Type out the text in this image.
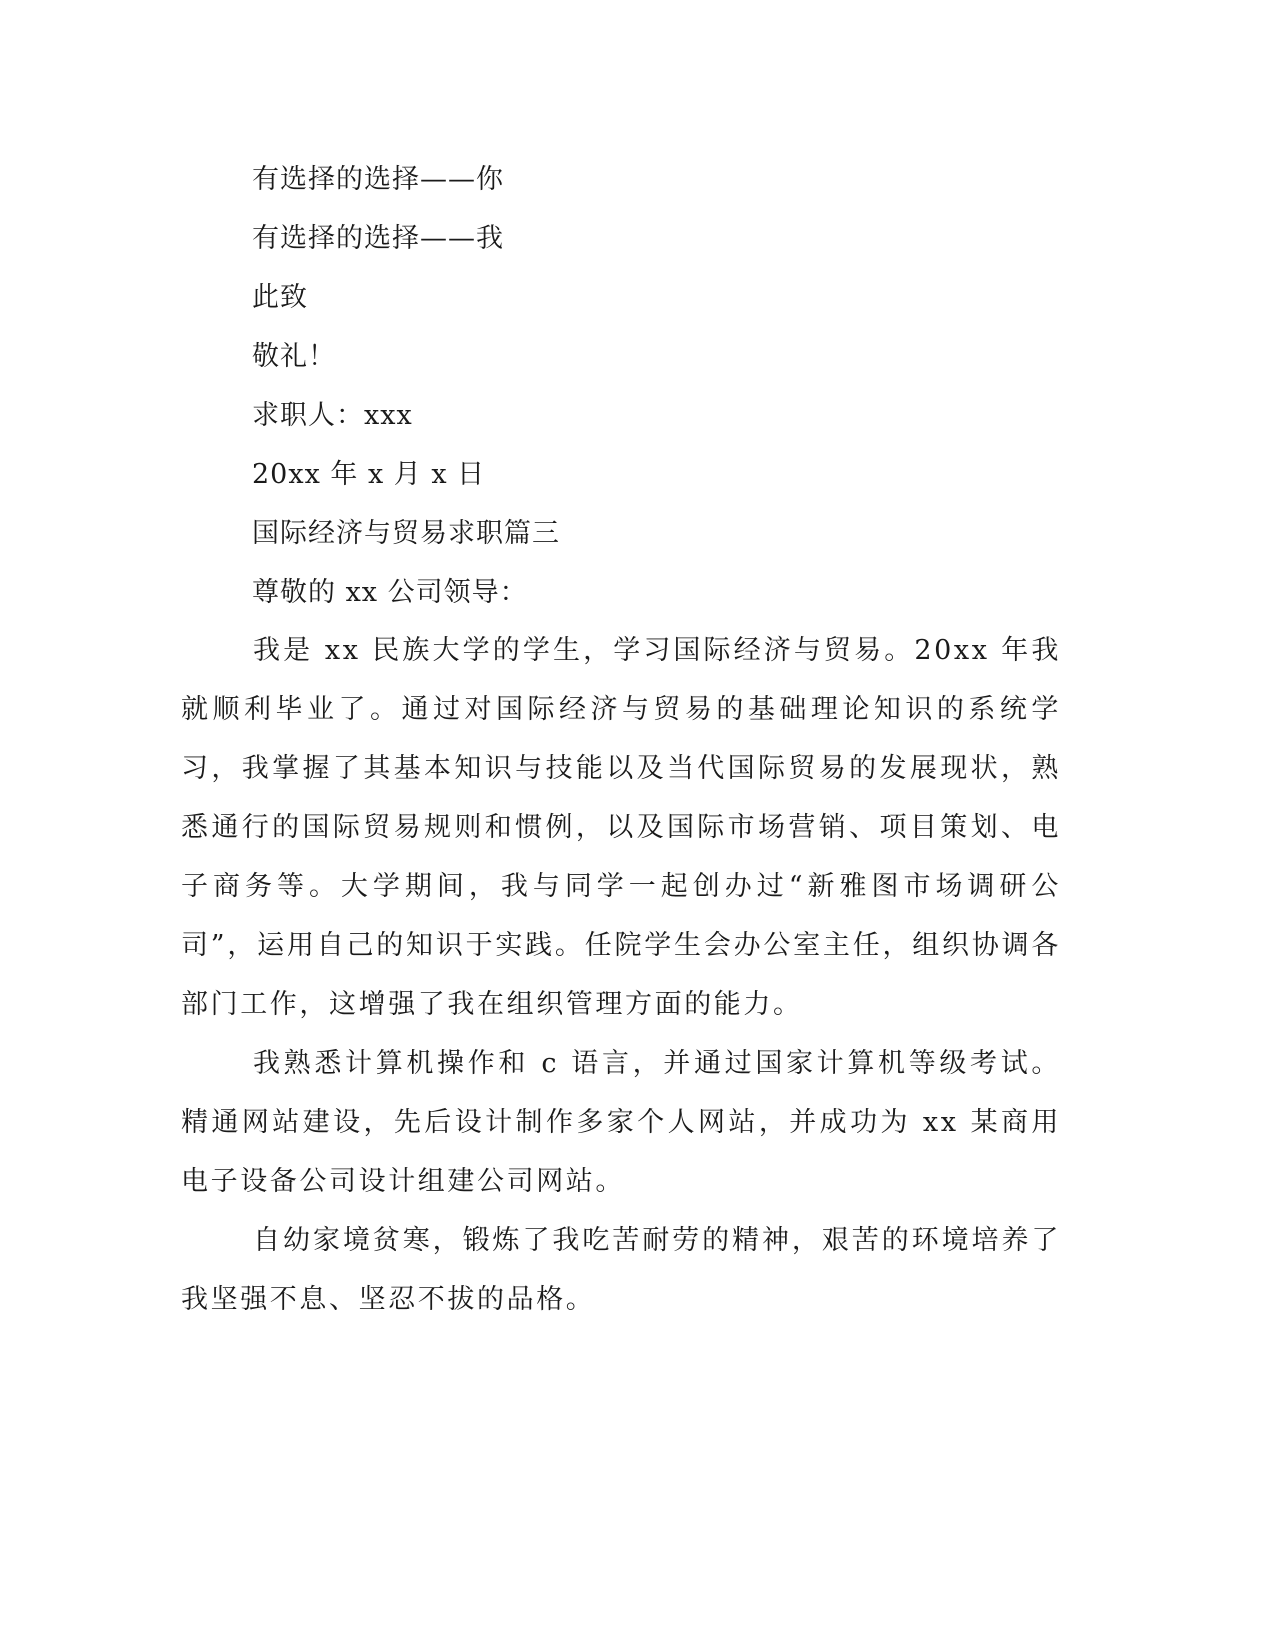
有选择的选择——你
有选择的选择——我
此致
敬礼！
求职人：xxx
20xx 年 x 月 x 日
国际经济与贸易求职篇三
尊敬的 xx 公司领导：
我是 xx 民族大学的学生，学习国际经济与贸易。20xx 年我就顺利毕业了。通过对国际经济与贸易的基础理论知识的系统学习，我掌握了其基本知识与技能以及当代国际贸易的发展现状，熟悉通行的国际贸易规则和惯例，以及国际市场营销、项目策划、电子商务等。大学期间，我与同学一起创办过“新雅图市场调研公司”，运用自己的知识于实践。任院学生会办公室主任，组织协调各部门工作，这增强了我在组织管理方面的能力。
我熟悉计算机操作和 c 语言，并通过国家计算机等级考试。精通网站建设，先后设计制作多家个人网站，并成功为 xx 某商用电子设备公司设计组建公司网站。
自幼家境贫寒，锻炼了我吃苦耐劳的精神，艰苦的环境培养了我坚强不息、坚忍不拔的品格。
